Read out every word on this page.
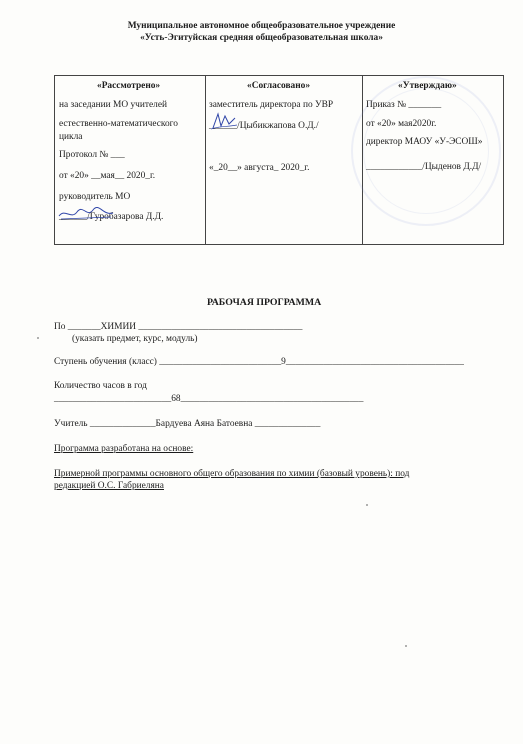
Муниципальное автономное общеобразовательное учреждение
«Усть-Эгитуйская средняя общеобразовательная школа»
«Рассмотрено»
на заседании МО учителей
естественно-математического
цикла
Протокол № ___
от «20» __мая__ 2020_г.
руководитель МО
______/Гуробазарова Д.Д.
«Согласовано»
заместитель директора по УВР
______/Цыбикжапова О.Д./
«_20__» августа_ 2020_г.
«Утверждаю»
Приказ № _______
от «20» мая2020г.
директор МАОУ «У-ЭСОШ»
____________/Цыденов Д.Д/
РАБОЧАЯ ПРОГРАММА
По _______ХИМИИ ___________________________________
(указать предмет, курс, модуль)
Ступень обучения (класс) __________________________9______________________________________
Количество часов в год
_________________________68_______________________________________
Учитель ______________Бардуева Аяна Батоевна ______________
Программа разработана на основе:
Примерной программы основного общего образования по химии (базовый уровень): под
редакцией О.С. Габриеляна
